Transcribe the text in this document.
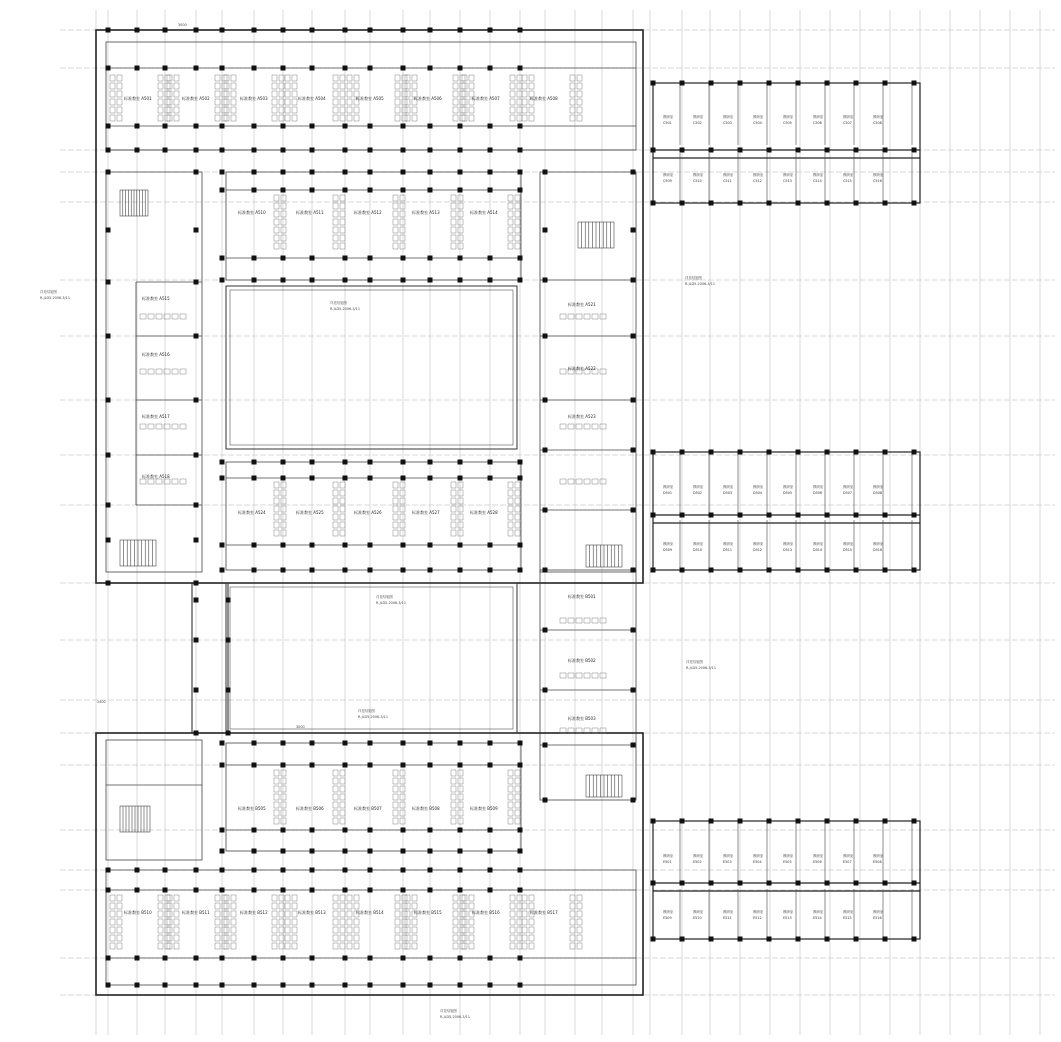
标准教室 A501	标准教室 A502	标准教室 A503	标准教室 A504	标准教室 A505	标准教室 A506	标准教室 A507	标准教室 A508
标准教室 A510	标准教室 A511	标准教室 A512	标准教室 A513	标准教室 A514
标准教室 A524	标准教室 A525	标准教室 A526	标准教室 A527	标准教室 A528
标准教室 B505	标准教室 B506	标准教室 B507	标准教室 B508	标准教室 B509
标准教室 B510	标准教室 B511	标准教室 B512	标准教室 B513	标准教室 B514	标准教室 B515	标准教室 B516	标准教室 B517
标准教室 A515
标准教室 A516
标准教室 A517
标准教室 A518
标准教室 A521
标准教室 A522
标准教室 A523
标准教室 B501
标准教室 B502
标准教室 B503
教研室
C501
教研室
C502
教研室
C503
教研室
C504
教研室
C505
教研室
C506
教研室
C507
教研室
C508
教研室
C509
教研室
C510
教研室
C511
教研室
C512
教研室
C513
教研室
C514
教研室
C515
教研室
C516
教研室
D501
教研室
D502
教研室
D503
教研室
D504
教研室
D505
教研室
D506
教研室
D507
教研室
D508
教研室
D509
教研室
D510
教研室
D511
教研室
D512
教研室
D513
教研室
D514
教研室
D515
教研室
D516
教研室
E501
教研室
E502
教研室
E503
教研室
E504
教研室
E505
教研室
E506
教研室
E507
教研室
E508
教研室
E509
教研室
E510
教研室
E511
教研室
E512
教研室
E513
教研室
E514
教研室
E515
教研室
E516
3000
3000
2400
详见结施图
R-JLD5-2006-3/11
详见结施图
R-JLD5-2006-3/11
详见结施图
R-JLD5-2006-3/11
详见结施图
R-JLD5-2006-3/11
详见结施图
R-JLD5-2006-3/11
详见结施图
R-JLD5-2006-3/11
详见结施图
R-JLD5-2006-3/11
